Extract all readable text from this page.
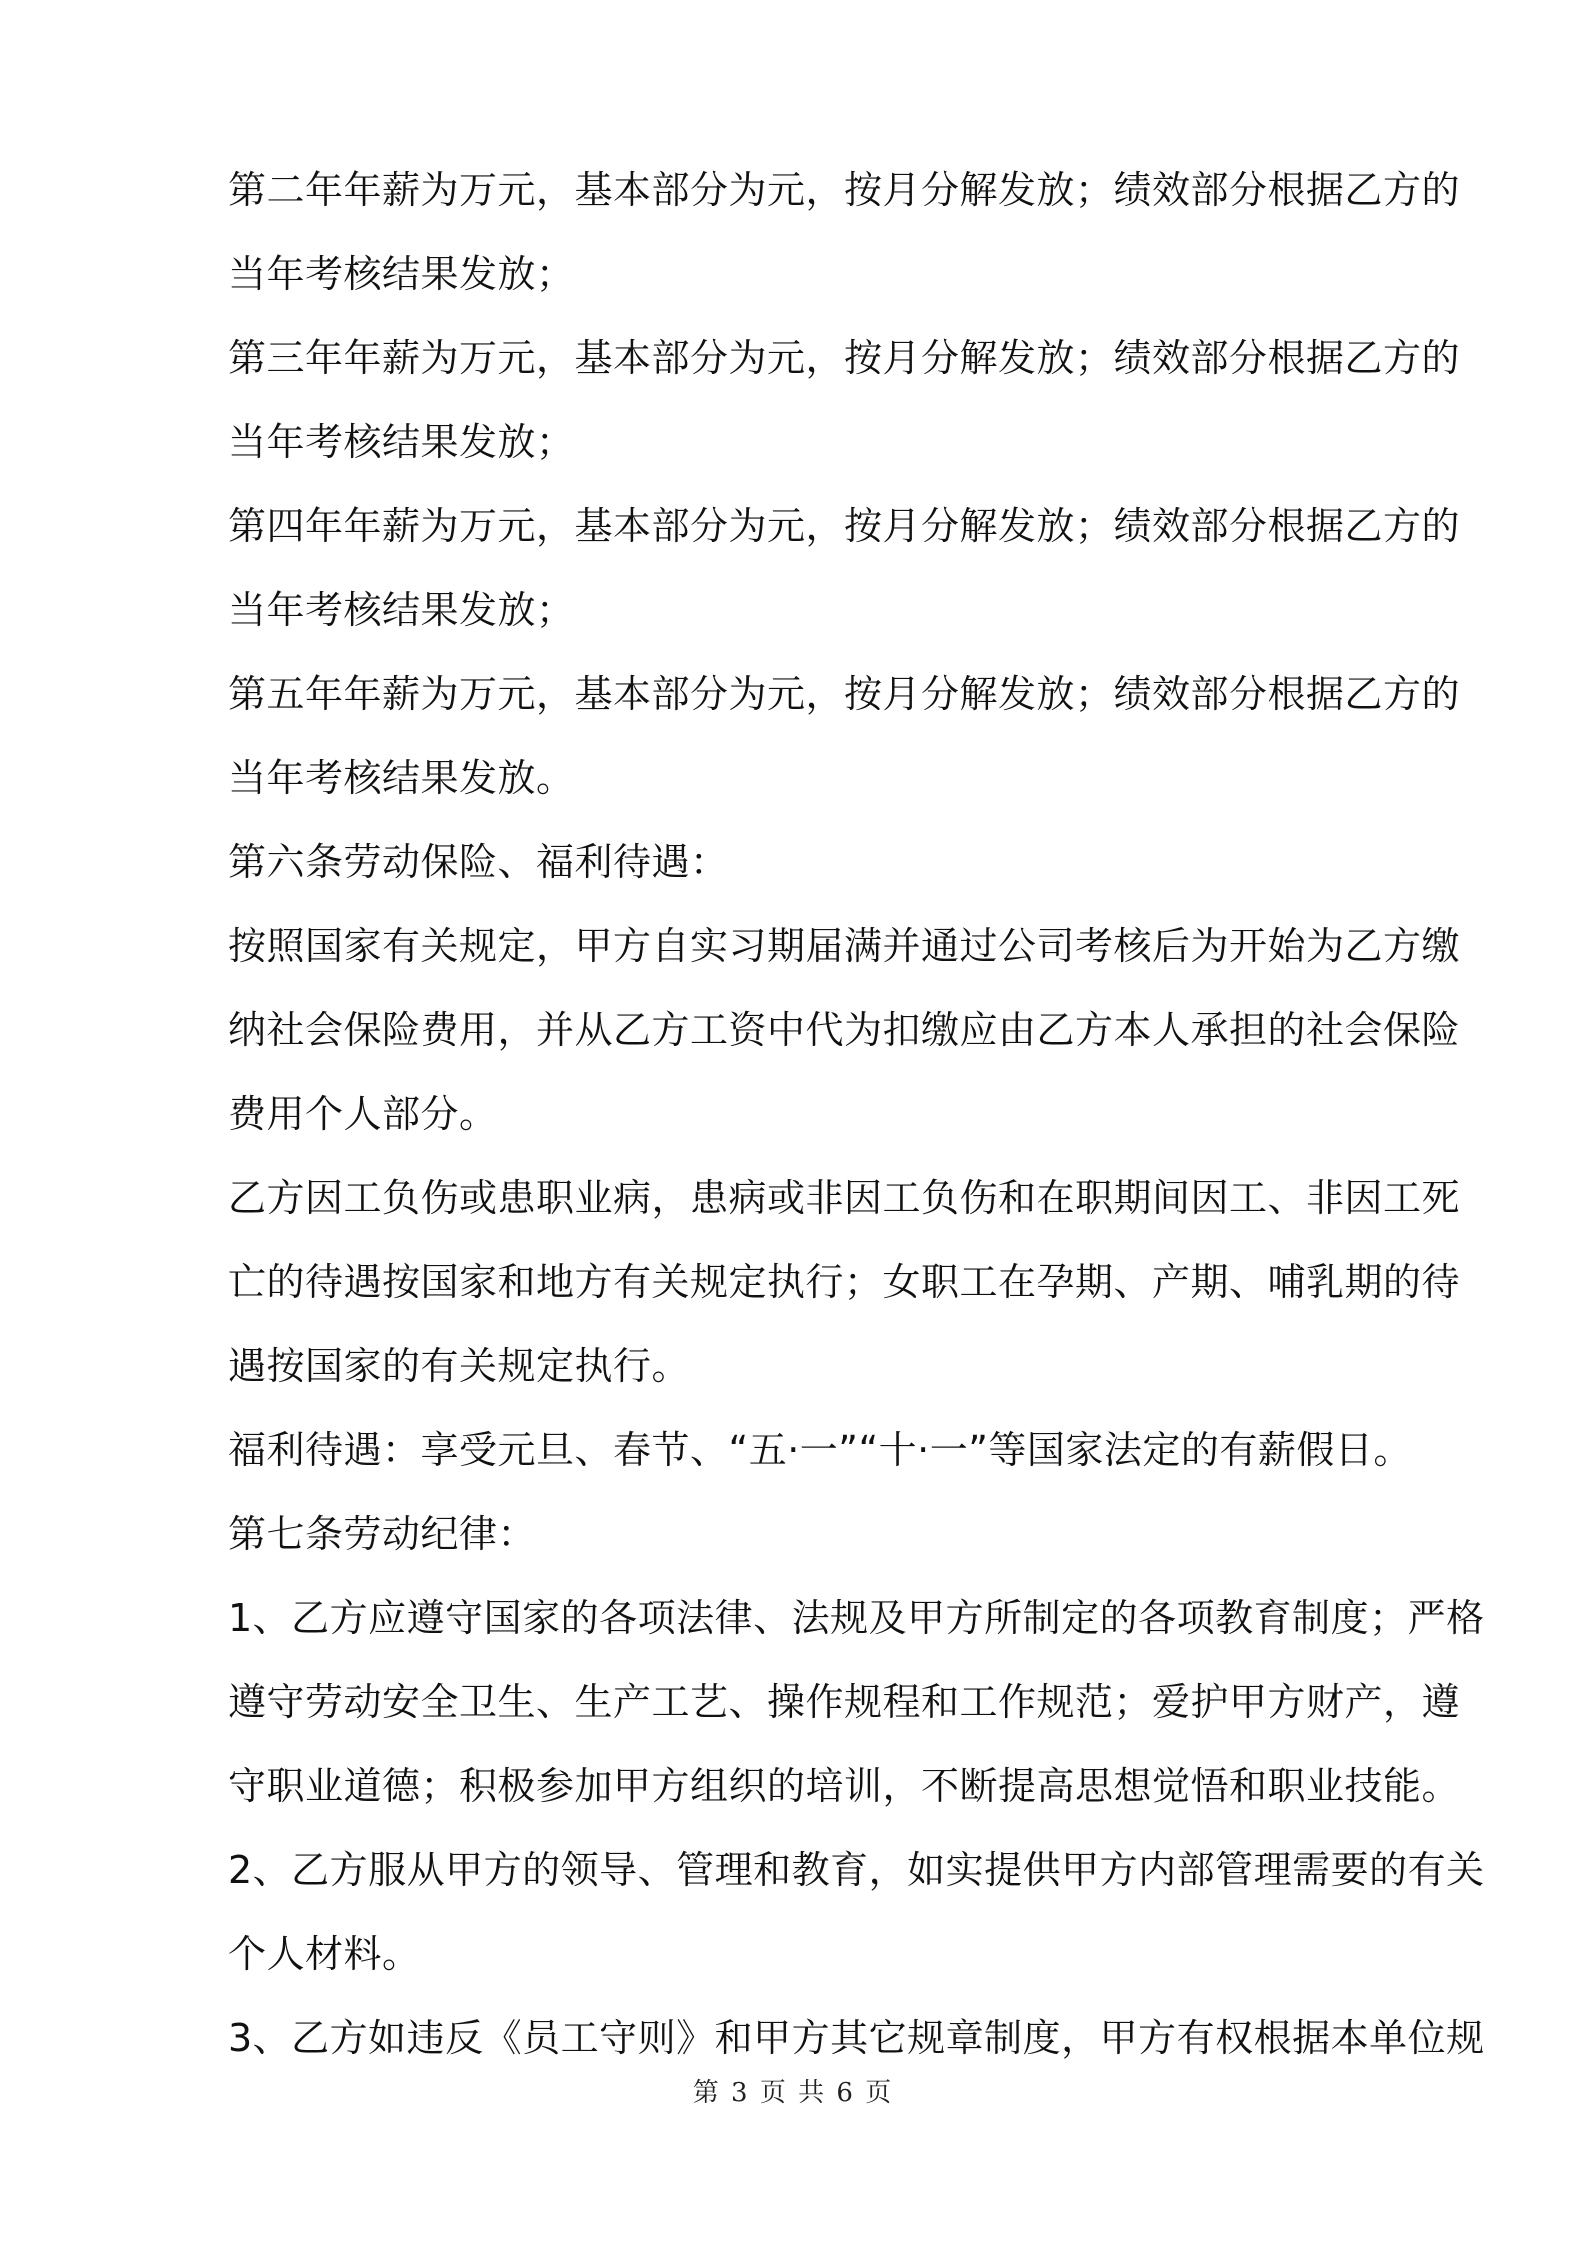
第二年年薪为万元，基本部分为元，按月分解发放；绩效部分根据乙方的
当年考核结果发放；
第三年年薪为万元，基本部分为元，按月分解发放；绩效部分根据乙方的
当年考核结果发放；
第四年年薪为万元，基本部分为元，按月分解发放；绩效部分根据乙方的
当年考核结果发放；
第五年年薪为万元，基本部分为元，按月分解发放；绩效部分根据乙方的
当年考核结果发放。
第六条劳动保险、福利待遇：
按照国家有关规定，甲方自实习期届满并通过公司考核后为开始为乙方缴
纳社会保险费用，并从乙方工资中代为扣缴应由乙方本人承担的社会保险
费用个人部分。
乙方因工负伤或患职业病，患病或非因工负伤和在职期间因工、非因工死
亡的待遇按国家和地方有关规定执行；女职工在孕期、产期、哺乳期的待
遇按国家的有关规定执行。
福利待遇：享受元旦、春节、“五·一”“十·一”等国家法定的有薪假日。
第七条劳动纪律：
1、乙方应遵守国家的各项法律、法规及甲方所制定的各项教育制度；严格
遵守劳动安全卫生、生产工艺、操作规程和工作规范；爱护甲方财产，遵
守职业道德；积极参加甲方组织的培训，不断提高思想觉悟和职业技能。
2、乙方服从甲方的领导、管理和教育，如实提供甲方内部管理需要的有关
个人材料。
3、乙方如违反《员工守则》和甲方其它规章制度，甲方有权根据本单位规
第 3 页 共 6 页
